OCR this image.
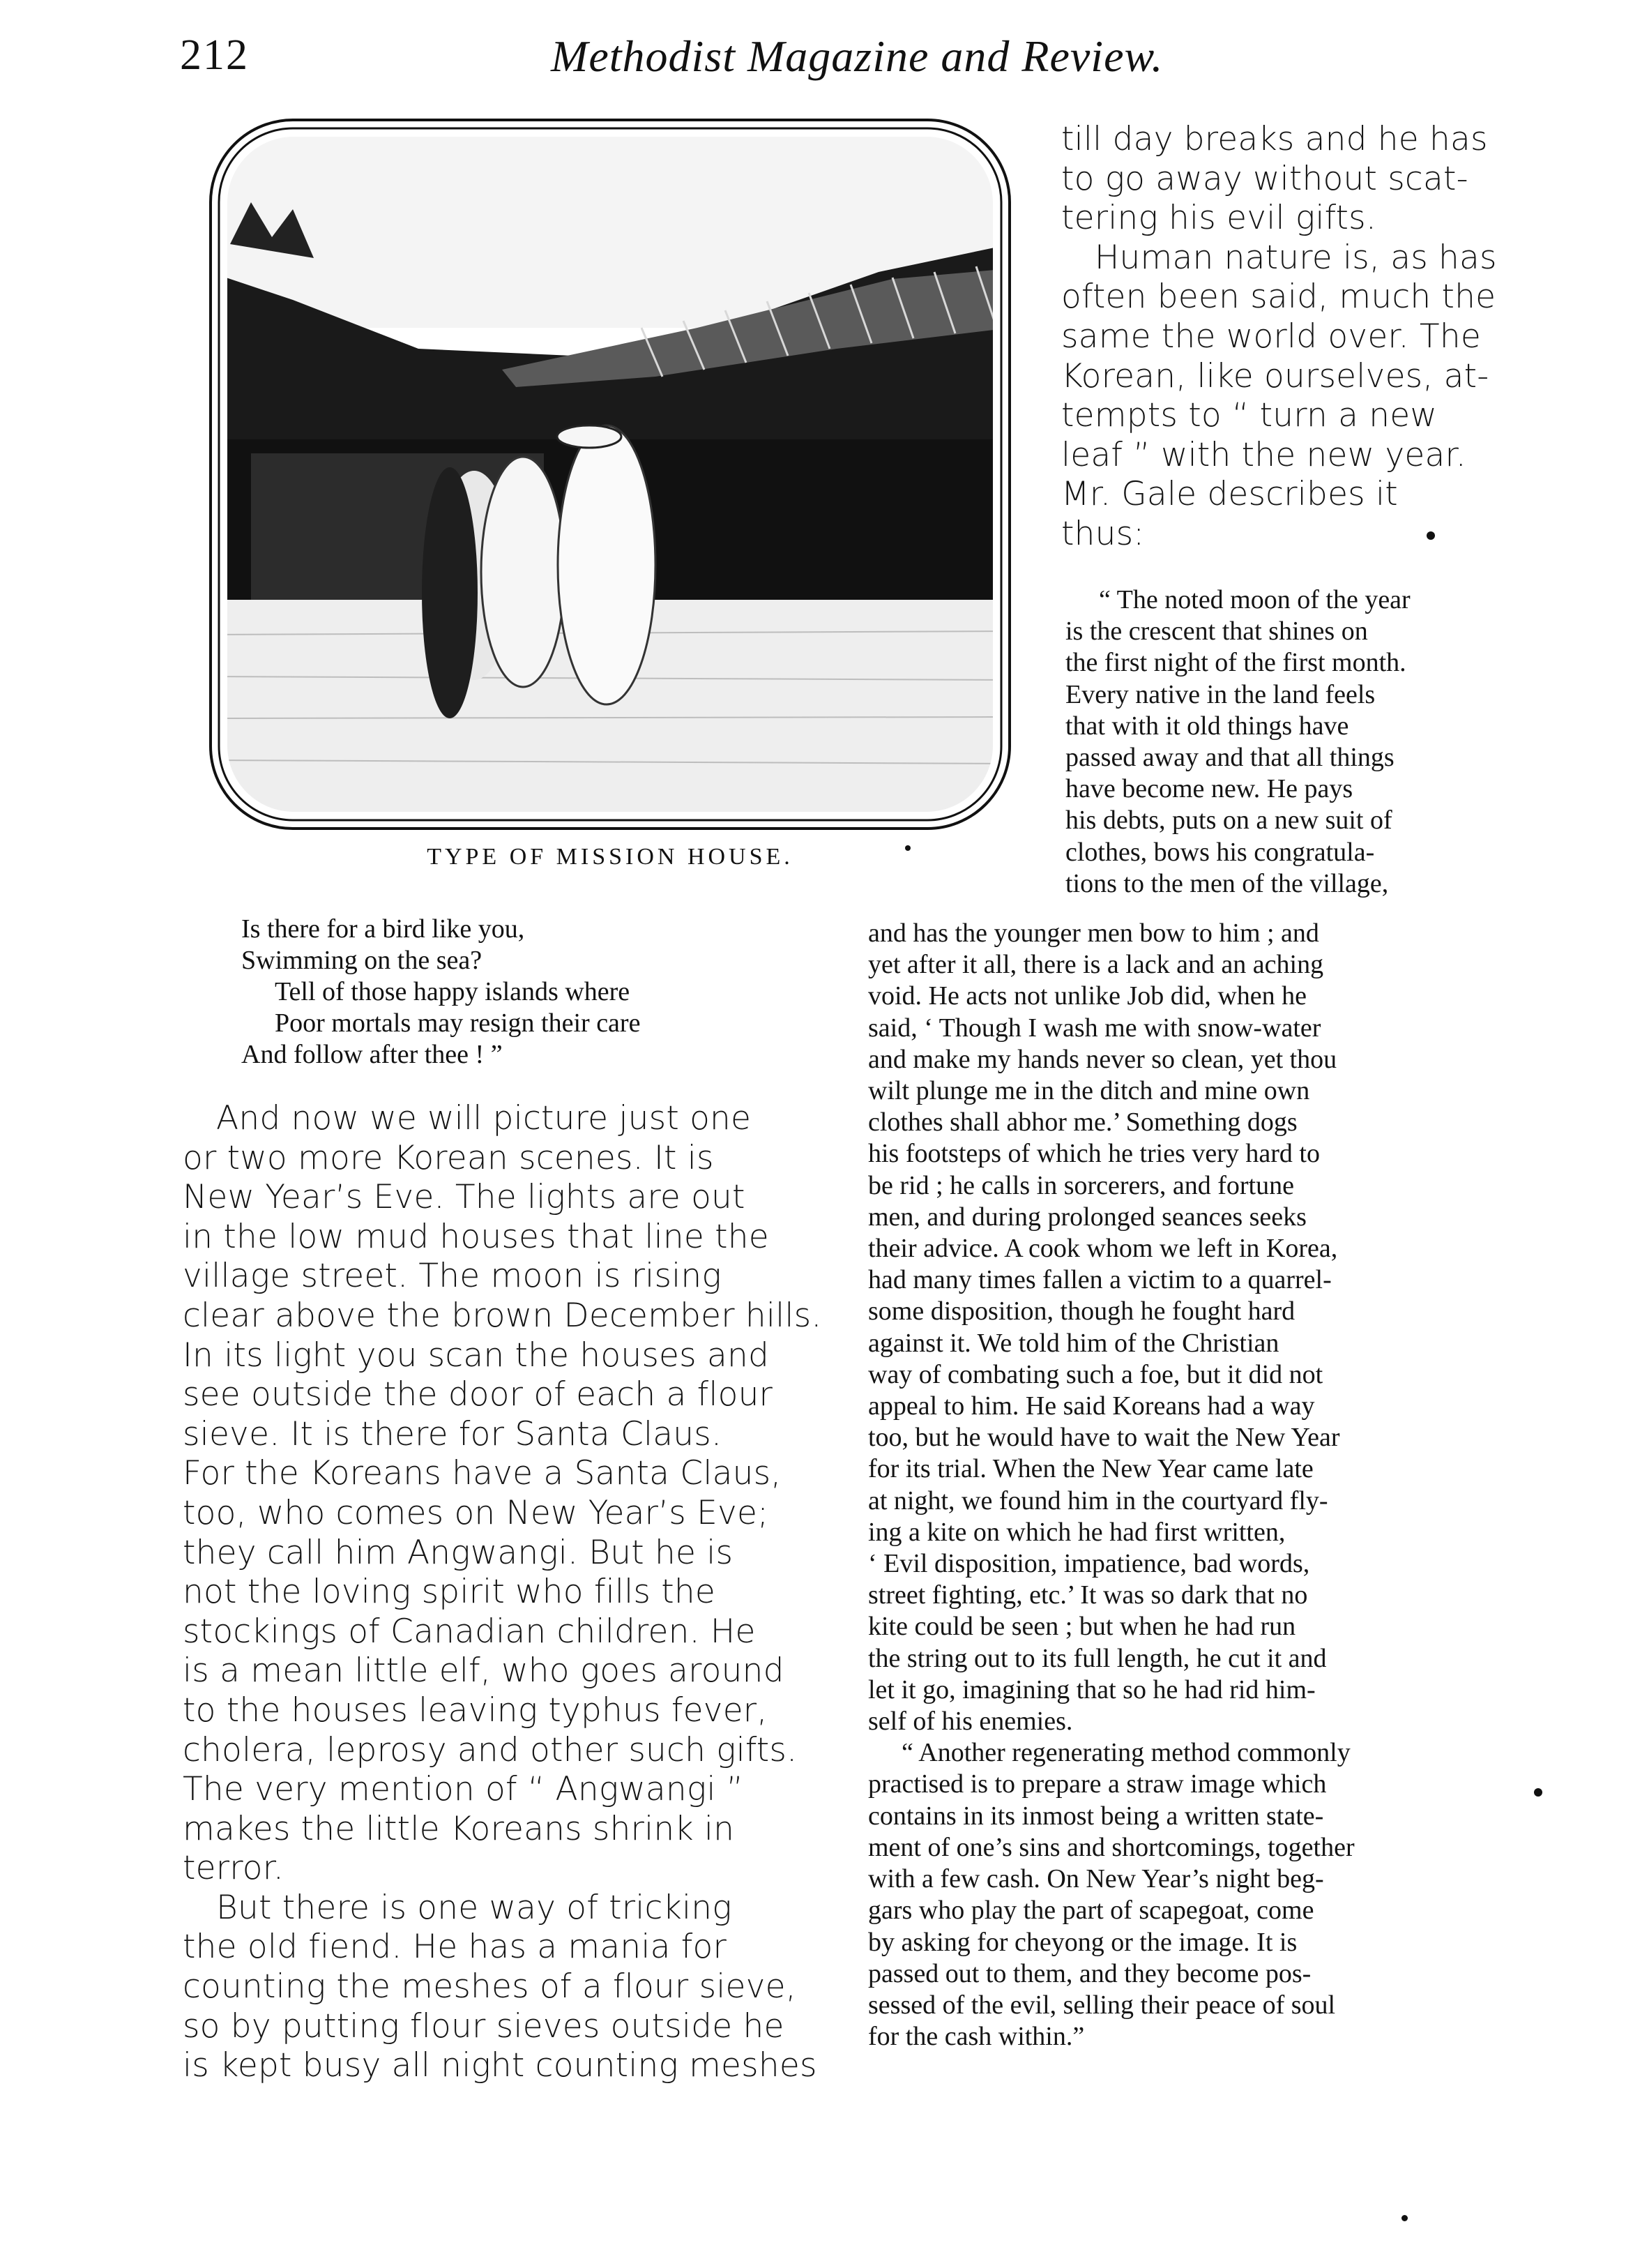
212	Methodist Magazine and Review.
TYPE OF MISSION HOUSE.
Is there for a bird like you,
Swimming on the sea?
Tell of those happy islands where
Poor mortals may resign their care
And follow after thee ! ”
till day breaks and he has
to go away without scat-
tering his evil gifts.
Human nature is, as has
often been said, much the
same the world over. The
Korean, like ourselves, at-
tempts to “ turn a new
leaf ” with the new year.
Mr. Gale describes it
thus:
And now we will picture just one
or two more Korean scenes. It is
New Year’s Eve. The lights are out
in the low mud houses that line the
village street. The moon is rising
clear above the brown December hills.
In its light you scan the houses and
see outside the door of each a flour
sieve. It is there for Santa Claus.
For the Koreans have a Santa Claus,
too, who comes on New Year’s Eve;
they call him Angwangi. But he is
not the loving spirit who fills the
stockings of Canadian children. He
is a mean little elf, who goes around
to the houses leaving typhus fever,
cholera, leprosy and other such gifts.
The very mention of “ Angwangi ”
makes the little Koreans shrink in
terror.
But there is one way of tricking
the old fiend. He has a mania for
counting the meshes of a flour sieve,
so by putting flour sieves outside he
is kept busy all night counting meshes
“ The noted moon of the year
is the crescent that shines on
the first night of the first month.
Every native in the land feels
that with it old things have
passed away and that all things
have become new. He pays
his debts, puts on a new suit of
clothes, bows his congratula-
tions to the men of the village,
and has the younger men bow to him ; and
yet after it all, there is a lack and an aching
void. He acts not unlike Job did, when he
said, ‘ Though I wash me with snow-water
and make my hands never so clean, yet thou
wilt plunge me in the ditch and mine own
clothes shall abhor me.’ Something dogs
his footsteps of which he tries very hard to
be rid ; he calls in sorcerers, and fortune
men, and during prolonged seances seeks
their advice. A cook whom we left in Korea,
had many times fallen a victim to a quarrel-
some disposition, though he fought hard
against it. We told him of the Christian
way of combating such a foe, but it did not
appeal to him. He said Koreans had a way
too, but he would have to wait the New Year
for its trial. When the New Year came late
at night, we found him in the courtyard fly-
ing a kite on which he had first written,
‘ Evil disposition, impatience, bad words,
street fighting, etc.’ It was so dark that no
kite could be seen ; but when he had run
the string out to its full length, he cut it and
let it go, imagining that so he had rid him-
self of his enemies.
“ Another regenerating method commonly
practised is to prepare a straw image which
contains in its inmost being a written state-
ment of one’s sins and shortcomings, together
with a few cash. On New Year’s night beg-
gars who play the part of scapegoat, come
by asking for cheyong or the image. It is
passed out to them, and they become pos-
sessed of the evil, selling their peace of soul
for the cash within.”
